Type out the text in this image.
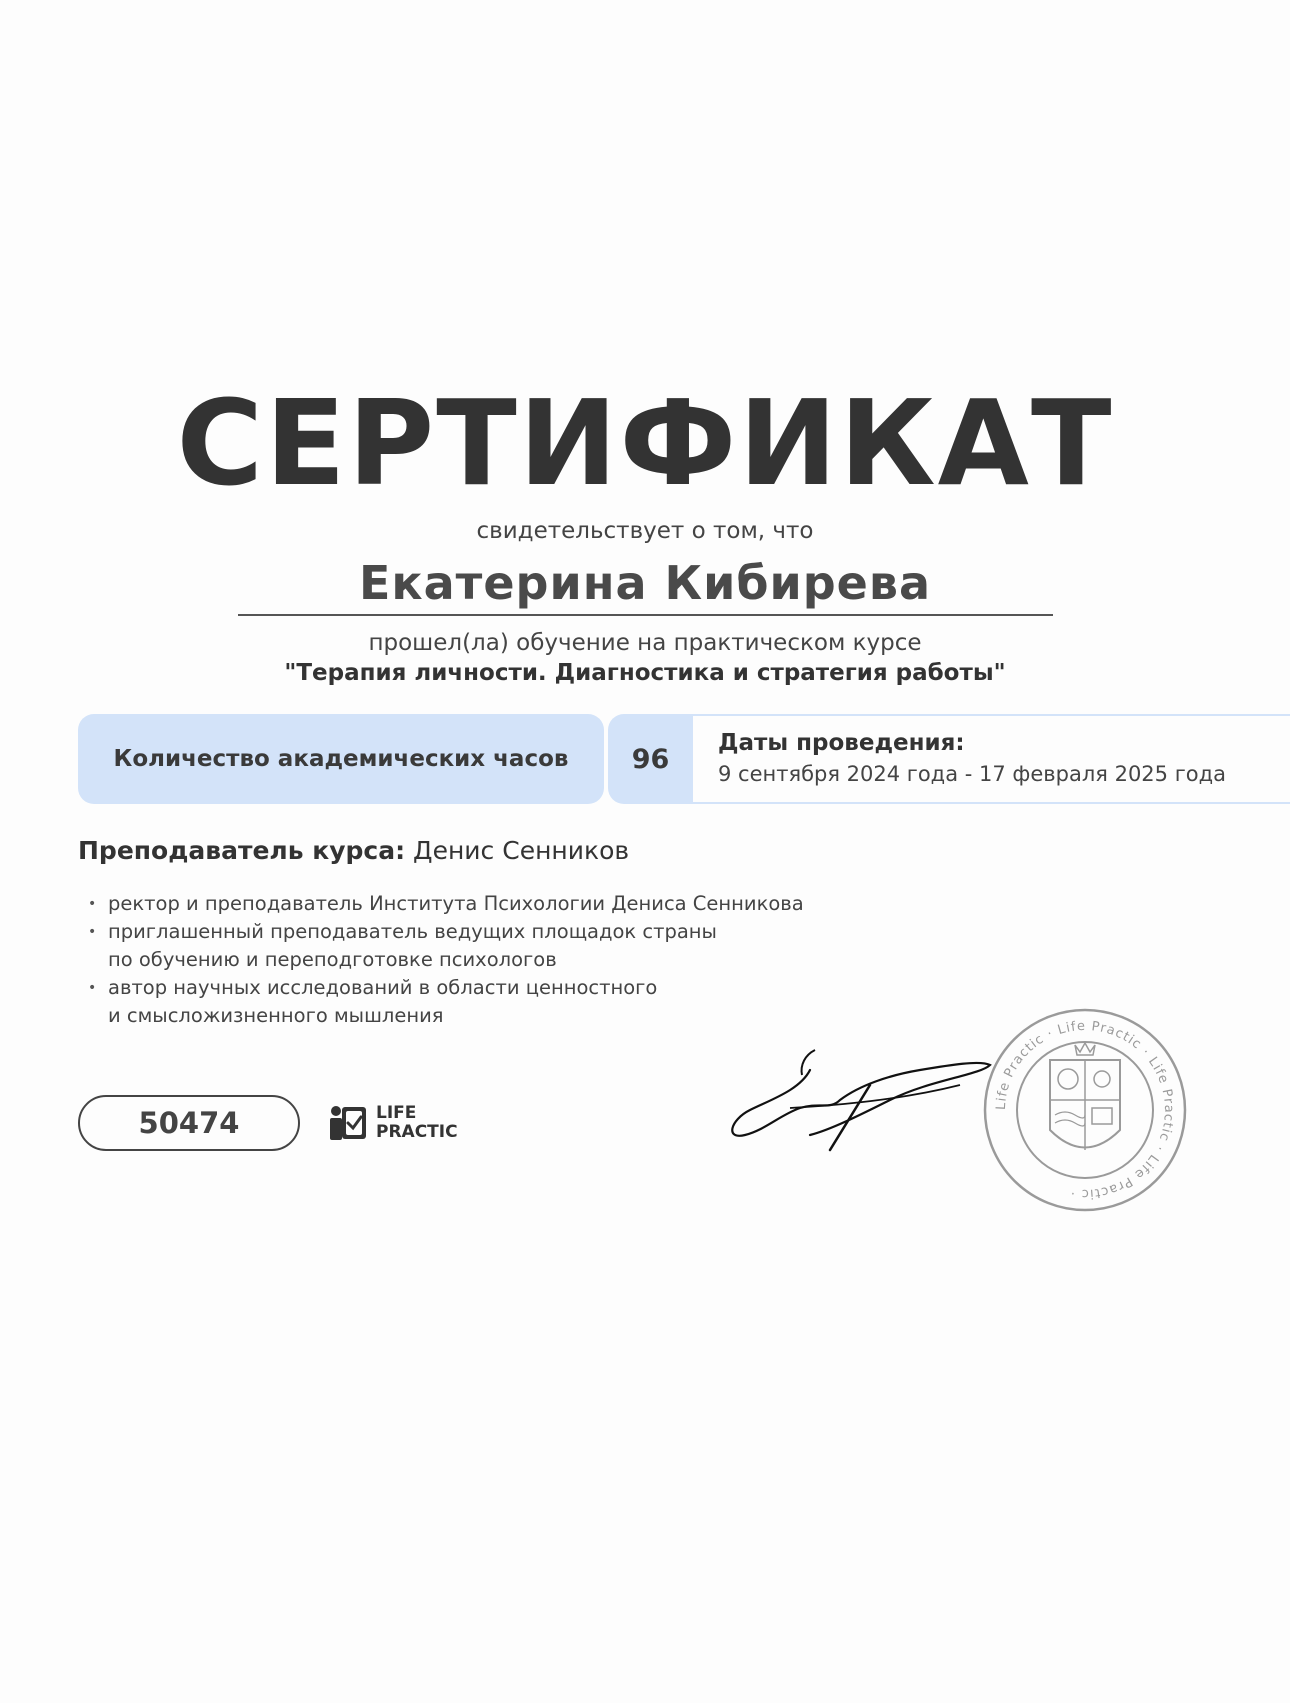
СЕРТИФИКАТ
свидетельствует о том, что
Екатерина Кибирева
прошел(ла) обучение на практическом курсе
"Терапия личности. Диагностика и стратегия работы"
Количество академических часов 96
Даты проведения:
9 сентября 2024 года - 17 февраля 2025 года
Преподаватель курса: Денис Сенников
• ректор и преподаватель Института Психологии Дениса Сенникова
• приглашенный преподаватель ведущих площадок страны
по обучению и переподготовке психологов
• автор научных исследований в области ценностного
и смысложизненного мышления
50474	LIFE
PRACTIC
Life Practic · Life Practic · Life Practic · Life Practic ·
